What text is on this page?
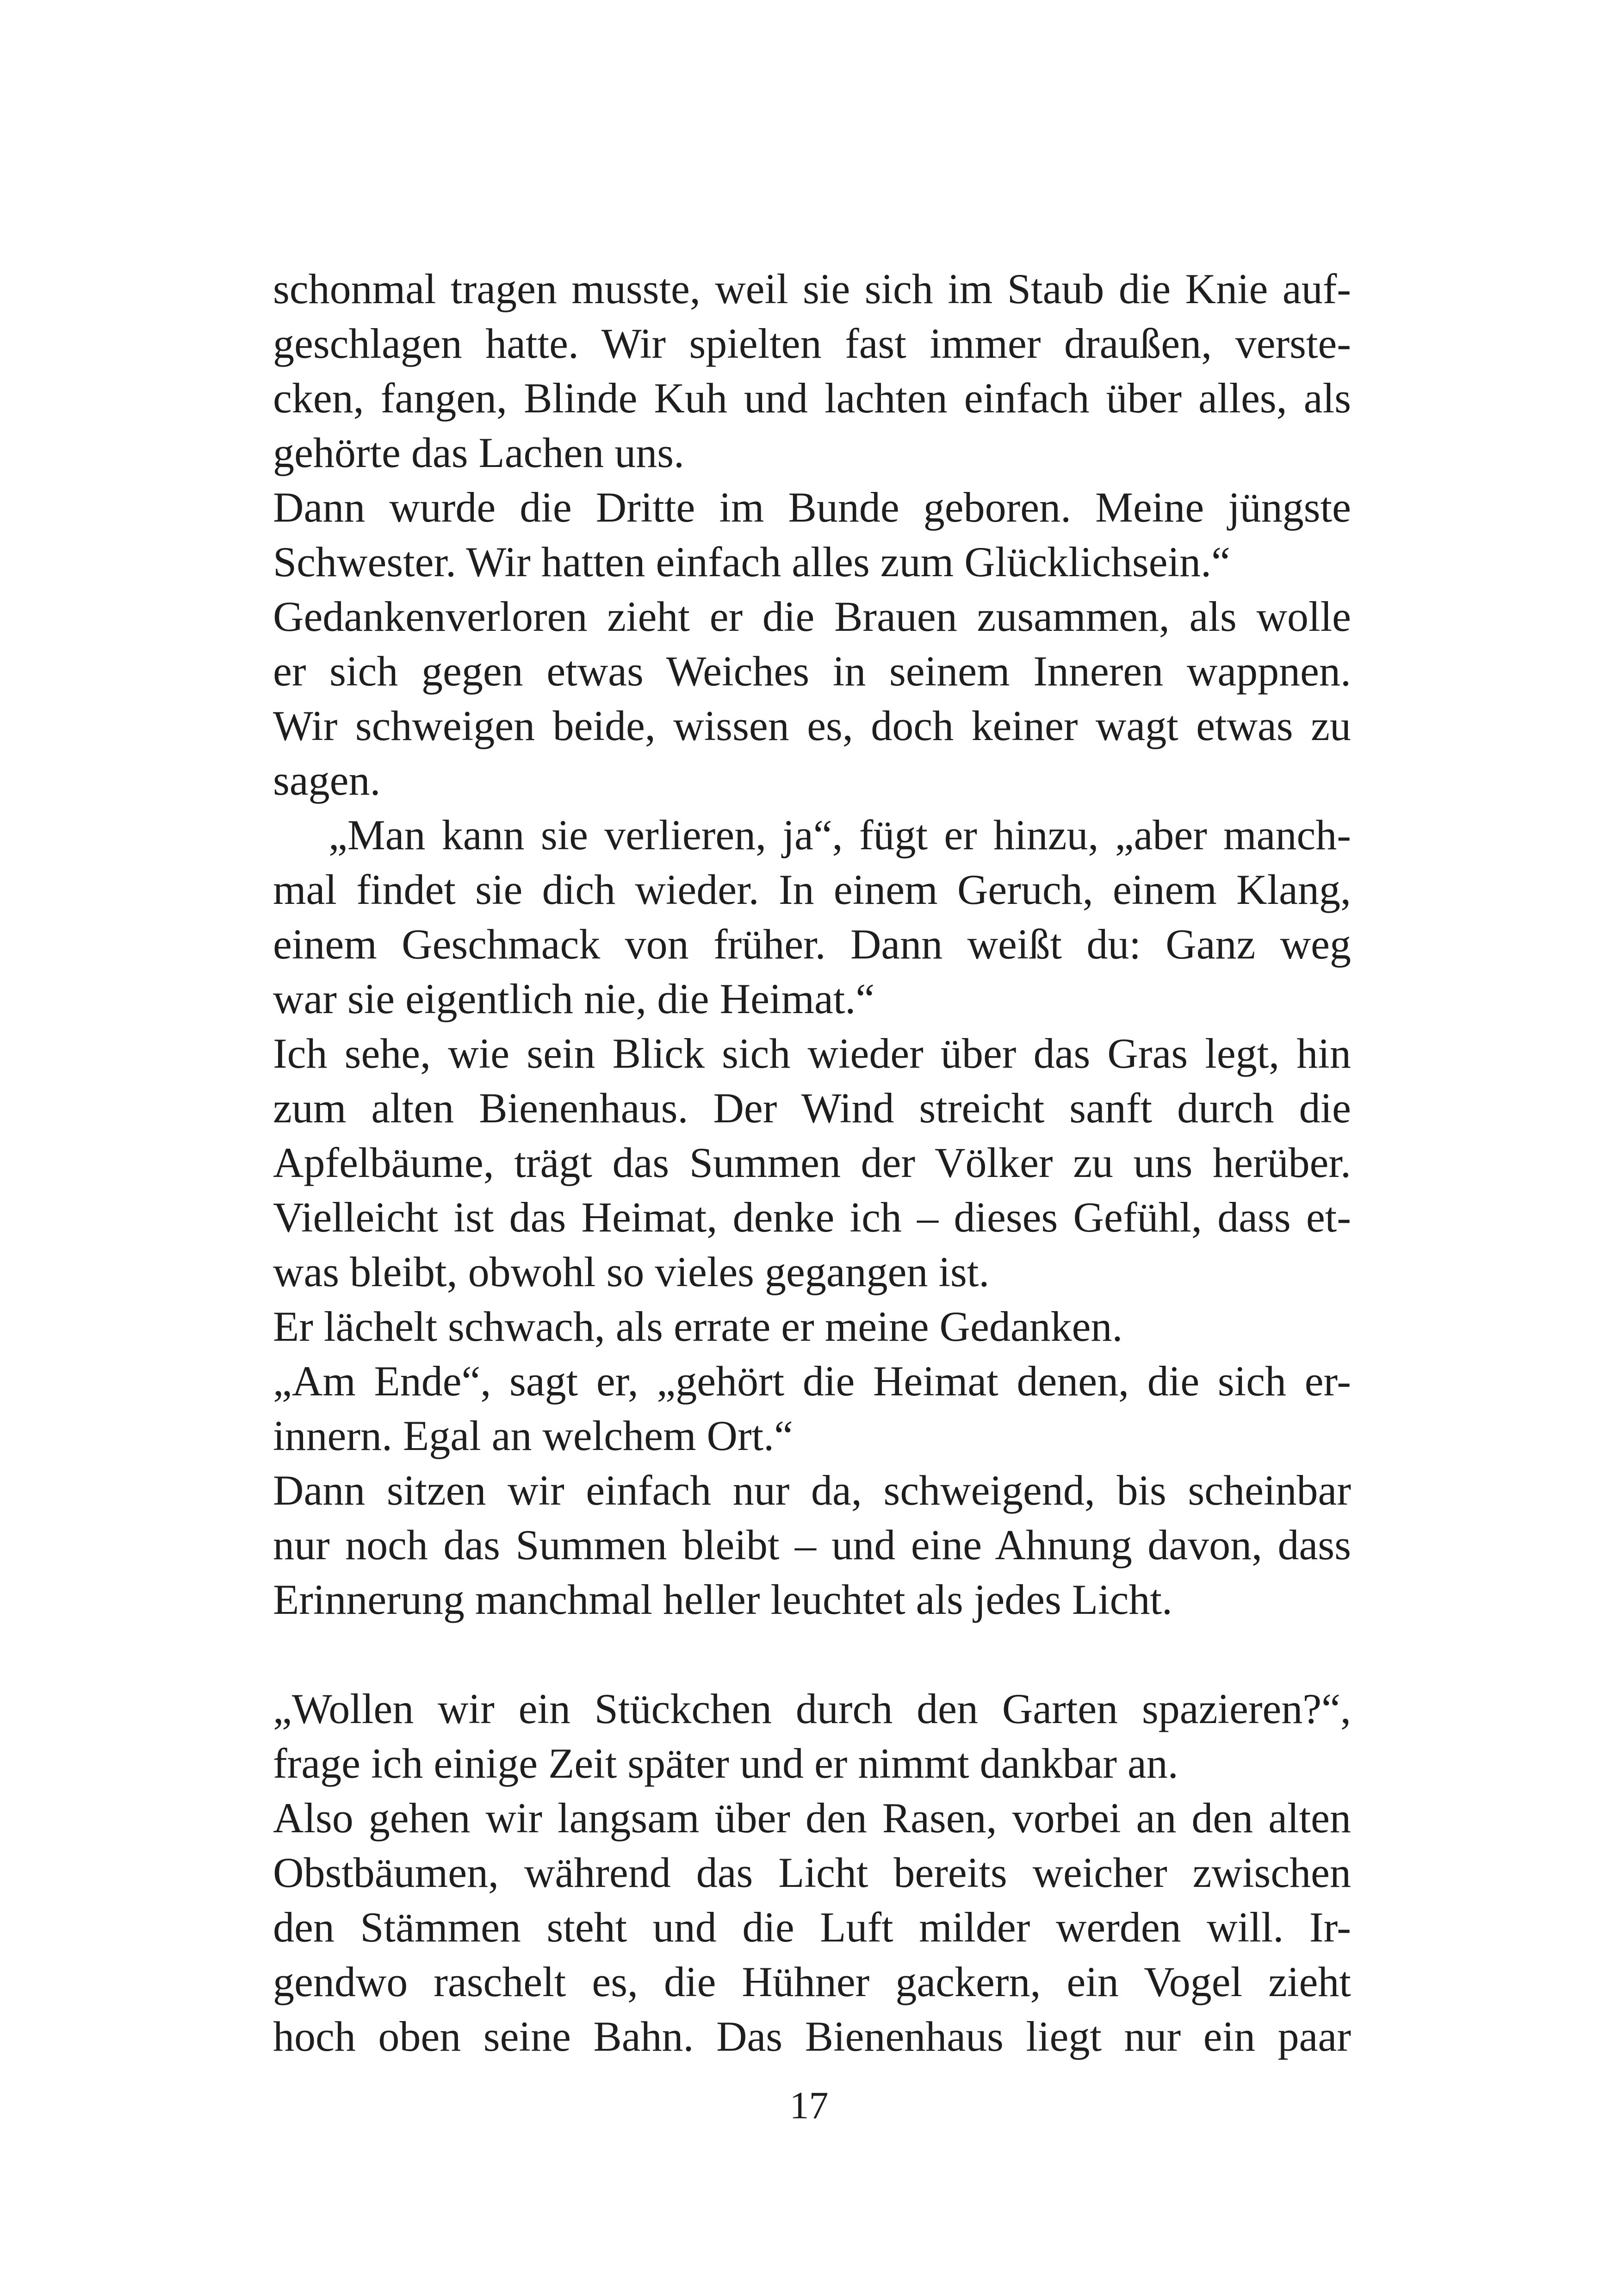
schonmal tragen musste, weil sie sich im Staub die Knie auf-
geschlagen hatte. Wir spielten fast immer draußen, verste-
cken, fangen, Blinde Kuh und lachten einfach über alles, als
gehörte das Lachen uns.
Dann wurde die Dritte im Bunde geboren. Meine jüngste
Schwester. Wir hatten einfach alles zum Glücklichsein.“
Gedankenverloren zieht er die Brauen zusammen, als wolle
er sich gegen etwas Weiches in seinem Inneren wappnen.
Wir schweigen beide, wissen es, doch keiner wagt etwas zu
sagen.
„Man kann sie verlieren, ja“, fügt er hinzu, „aber manch-
mal findet sie dich wieder. In einem Geruch, einem Klang,
einem Geschmack von früher. Dann weißt du: Ganz weg
war sie eigentlich nie, die Heimat.“
Ich sehe, wie sein Blick sich wieder über das Gras legt, hin
zum alten Bienenhaus. Der Wind streicht sanft durch die
Apfelbäume, trägt das Summen der Völker zu uns herüber.
Vielleicht ist das Heimat, denke ich – dieses Gefühl, dass et-
was bleibt, obwohl so vieles gegangen ist.
Er lächelt schwach, als errate er meine Gedanken.
„Am Ende“, sagt er, „gehört die Heimat denen, die sich er-
innern. Egal an welchem Ort.“
Dann sitzen wir einfach nur da, schweigend, bis scheinbar
nur noch das Summen bleibt – und eine Ahnung davon, dass
Erinnerung manchmal heller leuchtet als jedes Licht.
„Wollen wir ein Stückchen durch den Garten spazieren?“,
frage ich einige Zeit später und er nimmt dankbar an.
Also gehen wir langsam über den Rasen, vorbei an den alten
Obstbäumen, während das Licht bereits weicher zwischen
den Stämmen steht und die Luft milder werden will. Ir-
gendwo raschelt es, die Hühner gackern, ein Vogel zieht
hoch oben seine Bahn. Das Bienenhaus liegt nur ein paar
17
